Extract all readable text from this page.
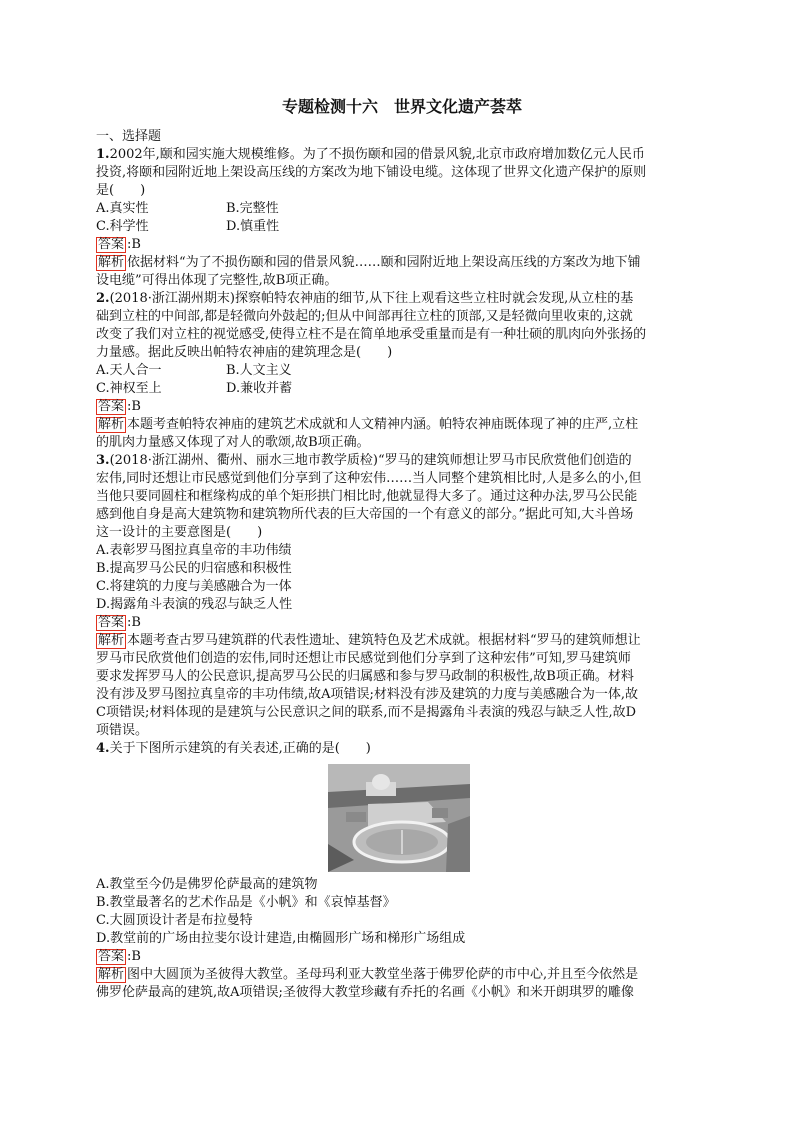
专题检测十六　世界文化遗产荟萃
一、选择题
1.2002年,颐和园实施大规模维修。为了不损伤颐和园的借景风貌,北京市政府增加数亿元人民币
投资,将颐和园附近地上架设高压线的方案改为地下铺设电缆。这体现了世界文化遗产保护的原则
是(　　)
A.真实性	B.完整性
C.科学性	D.慎重性
答案 :B
解析 依据材料“为了不损伤颐和园的借景风貌……颐和园附近地上架设高压线的方案改为地下铺
设电缆”可得出体现了完整性,故B项正确。
2.(2018·浙江湖州期末)探察帕特农神庙的细节,从下往上观看这些立柱时就会发现,从立柱的基
础到立柱的中间部,都是轻微向外鼓起的;但从中间部再往立柱的顶部,又是轻微向里收束的,这就
改变了我们对立柱的视觉感受,使得立柱不是在简单地承受重量而是有一种壮硕的肌肉向外张扬的
力量感。据此反映出帕特农神庙的建筑理念是(　　)
A.天人合一	B.人文主义
C.神权至上	D.兼收并蓄
答案 :B
解析 本题考查帕特农神庙的建筑艺术成就和人文精神内涵。帕特农神庙既体现了神的庄严,立柱
的肌肉力量感又体现了对人的歌颂,故B项正确。
3.(2018·浙江湖州、衢州、丽水三地市教学质检)“罗马的建筑师想让罗马市民欣赏他们创造的
宏伟,同时还想让市民感觉到他们分享到了这种宏伟……当人同整个建筑相比时,人是多么的小,但
当他只要同圆柱和框缘构成的单个矩形拱门相比时,他就显得大多了。通过这种办法,罗马公民能
感到他自身是高大建筑物和建筑物所代表的巨大帝国的一个有意义的部分。”据此可知,大斗兽场
这一设计的主要意图是(　　)
A.表彰罗马图拉真皇帝的丰功伟绩
B.提高罗马公民的归宿感和积极性
C.将建筑的力度与美感融合为一体
D.揭露角斗表演的残忍与缺乏人性
答案 :B
解析 本题考查古罗马建筑群的代表性遗址、建筑特色及艺术成就。根据材料“罗马的建筑师想让
罗马市民欣赏他们创造的宏伟,同时还想让市民感觉到他们分享到了这种宏伟”可知,罗马建筑师
要求发挥罗马人的公民意识,提高罗马公民的归属感和参与罗马政制的积极性,故B项正确。材料
没有涉及罗马图拉真皇帝的丰功伟绩,故A项错误;材料没有涉及建筑的力度与美感融合为一体,故
C项错误;材料体现的是建筑与公民意识之间的联系,而不是揭露角斗表演的残忍与缺乏人性,故D
项错误。
4.关于下图所示建筑的有关表述,正确的是(　　)
A.教堂至今仍是佛罗伦萨最高的建筑物
B.教堂最著名的艺术作品是《小帆》和《哀悼基督》
C.大圆顶设计者是布拉曼特
D.教堂前的广场由拉斐尔设计建造,由椭圆形广场和梯形广场组成
答案 :B
解析 图中大圆顶为圣彼得大教堂。圣母玛利亚大教堂坐落于佛罗伦萨的市中心,并且至今依然是
佛罗伦萨最高的建筑,故A项错误;圣彼得大教堂珍藏有乔托的名画《小帆》和米开朗琪罗的雕像
